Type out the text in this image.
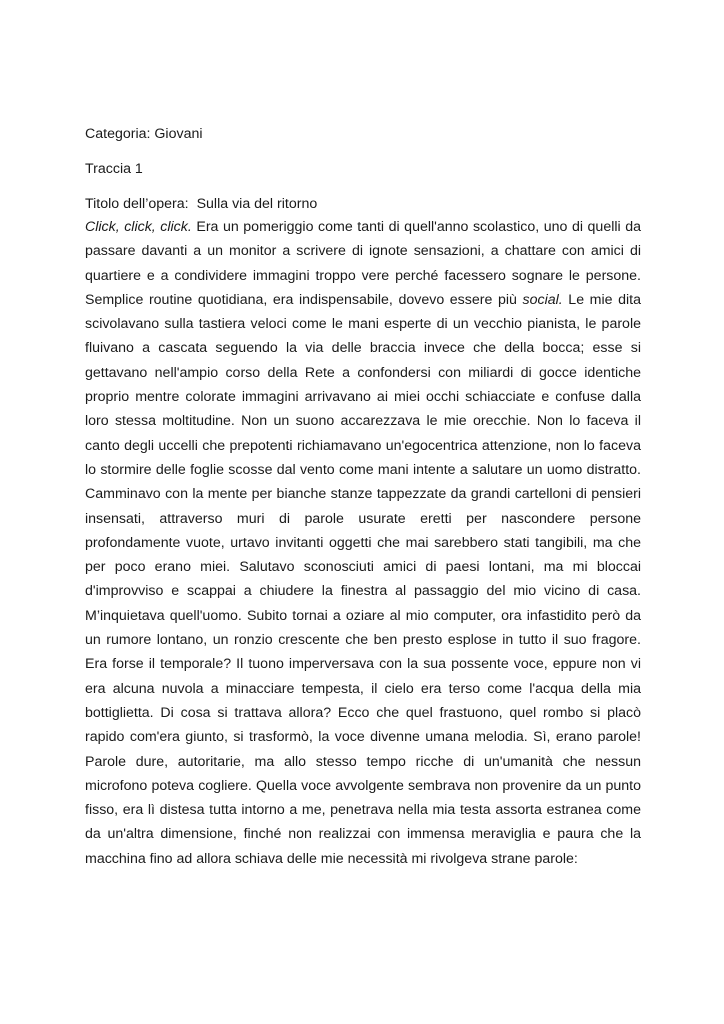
Categoria: Giovani

Traccia 1

Titolo dell’opera: Sulla via del ritorno

Click, click, click. Era un pomeriggio come tanti di quell'anno scolastico, uno di quelli da passare davanti a un monitor a scrivere di ignote sensazioni, a chattare con amici di quartiere e a condividere immagini troppo vere perché facessero sognare le persone. Semplice routine quotidiana, era indispensabile, dovevo essere più social. Le mie dita scivolavano sulla tastiera veloci come le mani esperte di un vecchio pianista, le parole fluivano a cascata seguendo la via delle braccia invece che della bocca; esse si gettavano nell'ampio corso della Rete a confondersi con miliardi di gocce identiche proprio mentre colorate immagini arrivavano ai miei occhi schiacciate e confuse dalla loro stessa moltitudine. Non un suono accarezzava le mie orecchie. Non lo faceva il canto degli uccelli che prepotenti richiamavano un'egocentrica attenzione, non lo faceva lo stormire delle foglie scosse dal vento come mani intente a salutare un uomo distratto. Camminavo con la mente per bianche stanze tappezzate da grandi cartelloni di pensieri insensati, attraverso muri di parole usurate eretti per nascondere persone profondamente vuote, urtavo invitanti oggetti che mai sarebbero stati tangibili, ma che per poco erano miei. Salutavo sconosciuti amici di paesi lontani, ma mi bloccai d'improvviso e scappai a chiudere la finestra al passaggio del mio vicino di casa. M’inquietava quell'uomo. Subito tornai a oziare al mio computer, ora infastidito però da un rumore lontano, un ronzio crescente che ben presto esplose in tutto il suo fragore. Era forse il temporale? Il tuono imperversava con la sua possente voce, eppure non vi era alcuna nuvola a minacciare tempesta, il cielo era terso come l'acqua della mia bottiglietta. Di cosa si trattava allora? Ecco che quel frastuono, quel rombo si placò rapido com'era giunto, si trasformò, la voce divenne umana melodia. Sì, erano parole! Parole dure, autoritarie, ma allo stesso tempo ricche di un'umanità che nessun microfono poteva cogliere. Quella voce avvolgente sembrava non provenire da un punto fisso, era lì distesa tutta intorno a me, penetrava nella mia testa assorta estranea come da un'altra dimensione, finché non realizzai con immensa meraviglia e paura che la macchina fino ad allora schiava delle mie necessità mi rivolgeva strane parole:
